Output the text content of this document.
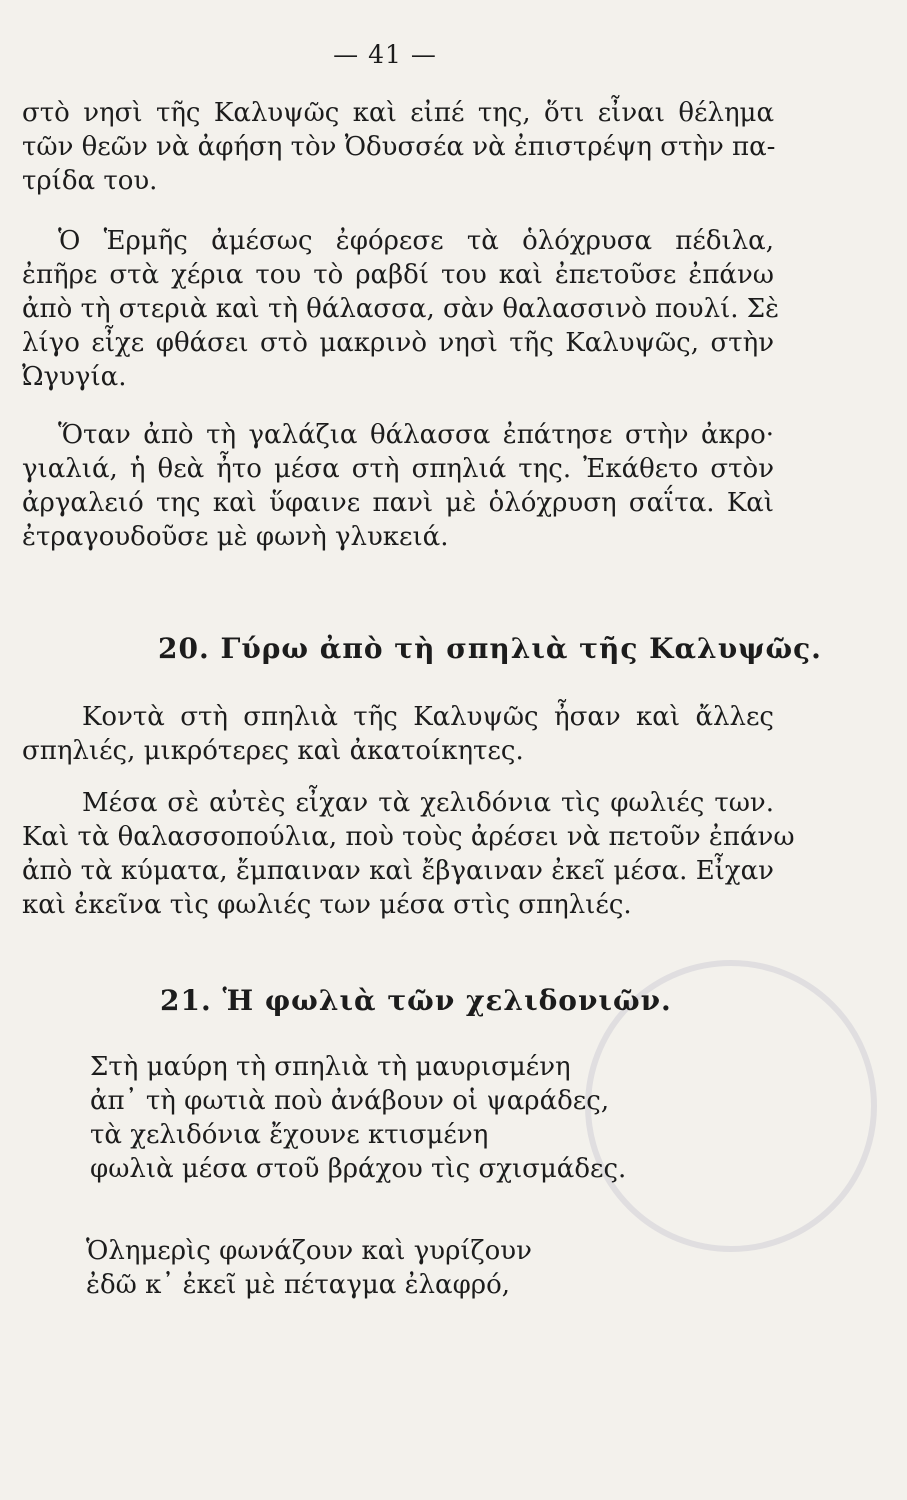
— 41 —
στὸ νησὶ τῆς Καλυψῶς καὶ εἰπέ της, ὅτι εἶναι θέλημα
τῶν θεῶν νὰ ἀφήση τὸν Ὀδυσσέα νὰ ἐπιστρέψη στὴν πα-
τρίδα του.
Ὁ Ἑρμῆς ἀμέσως ἐφόρεσε τὰ ὁλόχρυσα πέδιλα,
ἐπῆρε στὰ χέρια του τὸ ραβδί του καὶ ἐπετοῦσε ἐπάνω
ἀπὸ τὴ στεριὰ καὶ τὴ θάλασσα, σὰν θαλασσινὸ πουλί. Σὲ
λίγο εἶχε φθάσει στὸ μακρινὸ νησὶ τῆς Καλυψῶς, στὴν
Ὠγυγία.
Ὅταν ἀπὸ τὴ γαλάζια θάλασσα ἐπάτησε στὴν ἀκρο·
γιαλιά, ἡ θεὰ ἦτο μέσα στὴ σπηλιά της. Ἐκάθετο στὸν
ἀργαλειό της καὶ ὕφαινε πανὶ μὲ ὁλόχρυση σαΐτα. Καὶ
ἐτραγουδοῦσε μὲ φωνὴ γλυκειά.
20. Γύρω ἀπὸ τὴ σπηλιὰ τῆς Καλυψῶς.
Κοντὰ στὴ σπηλιὰ τῆς Καλυψῶς ἦσαν καὶ ἄλλες
σπηλιές, μικρότερες καὶ ἀκατοίκητες.
Μέσα σὲ αὐτὲς εἶχαν τὰ χελιδόνια τὶς φωλιές των.
Καὶ τὰ θαλασσοπούλια, ποὺ τοὺς ἀρέσει νὰ πετοῦν ἐπάνω
ἀπὸ τὰ κύματα, ἔμπαιναν καὶ ἔβγαιναν ἐκεῖ μέσα. Εἶχαν
καὶ ἐκεῖνα τὶς φωλιές των μέσα στὶς σπηλιές.
21. Ἡ φωλιὰ τῶν χελιδονιῶν.
Στὴ μαύρη τὴ σπηλιὰ τὴ μαυρισμένη
ἀπ᾿ τὴ φωτιὰ ποὺ ἀνάβουν οἱ ψαράδες,
τὰ χελιδόνια ἔχουνε κτισμένη
φωλιὰ μέσα στοῦ βράχου τὶς σχισμάδες.
Ὁλημερὶς φωνάζουν καὶ γυρίζουν
ἐδῶ κ᾿ ἐκεῖ μὲ πέταγμα ἐλαφρό,
